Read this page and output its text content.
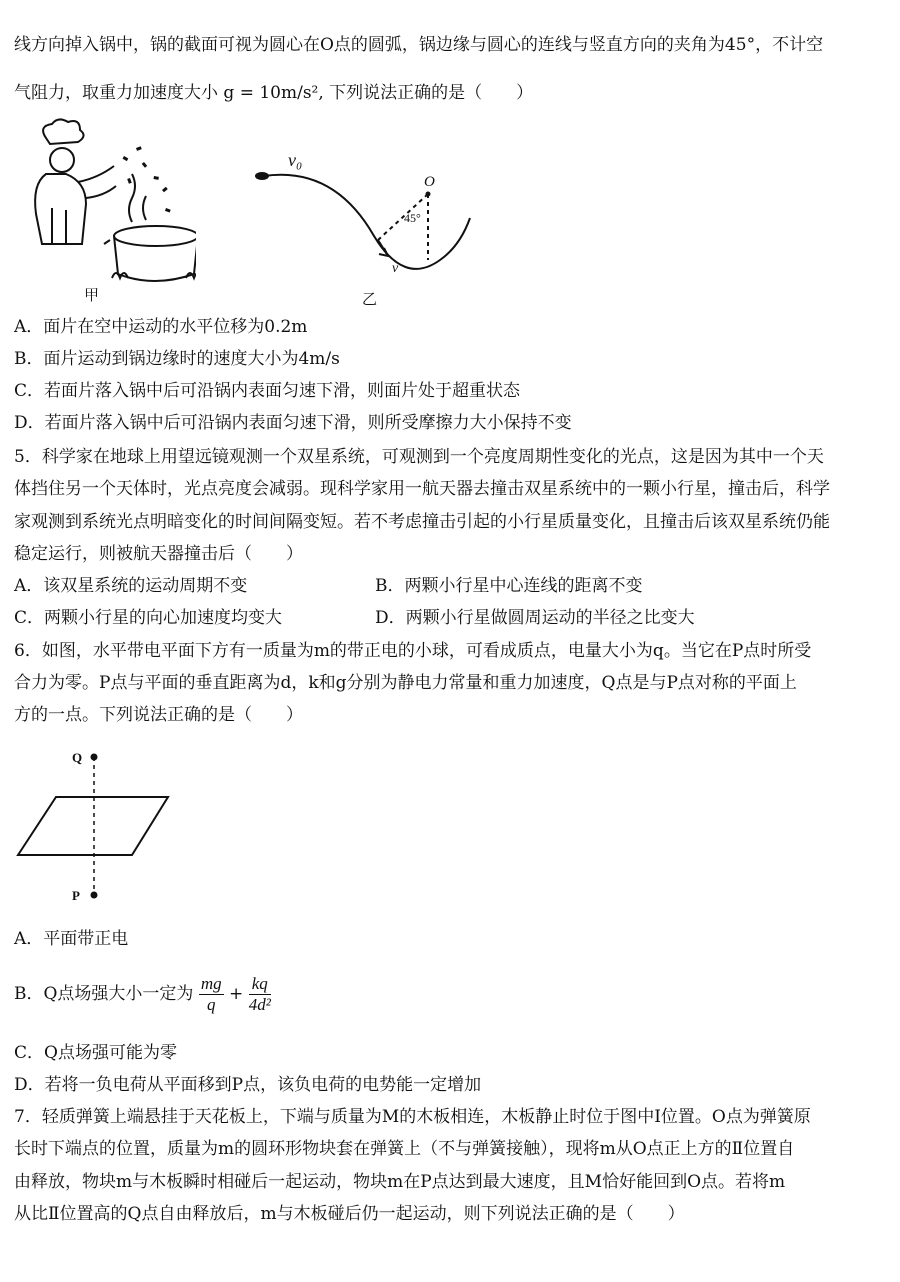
线方向掉入锅中，锅的截面可视为圆心在O点的圆弧，锅边缘与圆心的连线与竖直方向的夹角为45°，不计空
气阻力，取重力加速度大小 g = 10m/s², 下列说法正确的是（　　）
甲
v₀
O
45°
v
乙
A．面片在空中运动的水平位移为0.2m
B．面片运动到锅边缘时的速度大小为4m/s
C．若面片落入锅中后可沿锅内表面匀速下滑，则面片处于超重状态
D．若面片落入锅中后可沿锅内表面匀速下滑，则所受摩擦力大小保持不变
5．科学家在地球上用望远镜观测一个双星系统，可观测到一个亮度周期性变化的光点，这是因为其中一个天
体挡住另一个天体时，光点亮度会减弱。现科学家用一航天器去撞击双星系统中的一颗小行星，撞击后，科学
家观测到系统光点明暗变化的时间间隔变短。若不考虑撞击引起的小行星质量变化，且撞击后该双星系统仍能
稳定运行，则被航天器撞击后（　　）
A．该双星系统的运动周期不变	B．两颗小行星中心连线的距离不变
C．两颗小行星的向心加速度均变大	D．两颗小行星做圆周运动的半径之比变大
6．如图，水平带电平面下方有一质量为m的带正电的小球，可看成质点，电量大小为q。当它在P点时所受
合力为零。P点与平面的垂直距离为d，k和g分别为静电力常量和重力加速度，Q点是与P点对称的平面上
方的一点。下列说法正确的是（　　）
Q
P
A．平面带正电
B．Q点场强大小一定为 $\frac{mg}{q} + \frac{kq}{\text{4d²}}$
C．Q点场强可能为零
D．若将一负电荷从平面移到P点，该负电荷的电势能一定增加
7．轻质弹簧上端悬挂于天花板上，下端与质量为M的木板相连，木板静止时位于图中Ⅰ位置。O点为弹簧原
长时下端点的位置，质量为m的圆环形物块套在弹簧上（不与弹簧接触），现将m从O点正上方的Ⅱ位置自
由释放，物块m与木板瞬时相碰后一起运动，物块m在P点达到最大速度，且M恰好能回到O点。若将m
从比Ⅱ位置高的Q点自由释放后，m与木板碰后仍一起运动，则下列说法正确的是（　　）
